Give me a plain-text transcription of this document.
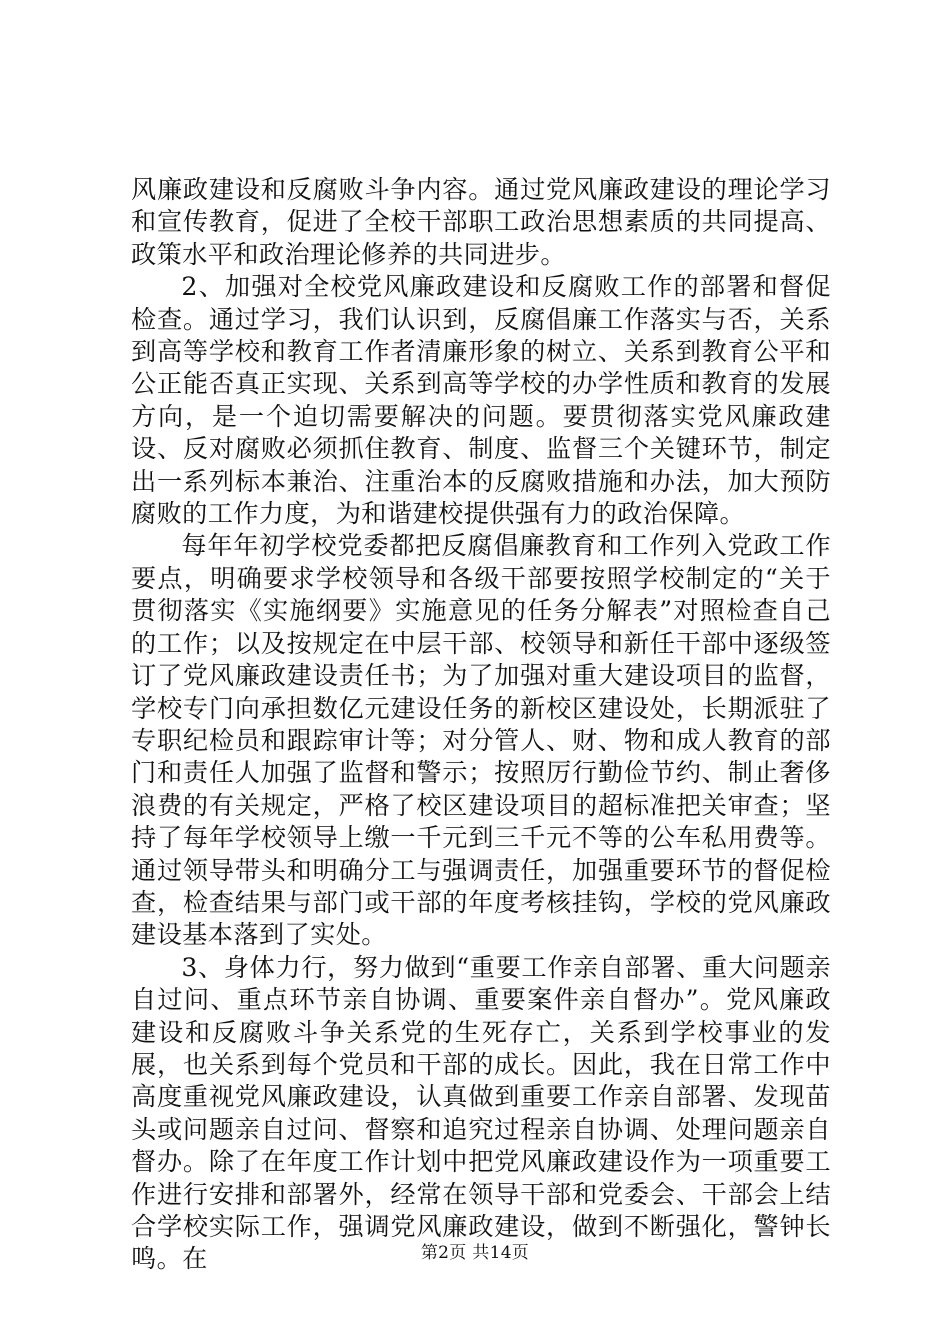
风廉政建设和反腐败斗争内容。通过党风廉政建设的理论学习和宣传教育，促进了全校干部职工政治思想素质的共同提高、政策水平和政治理论修养的共同进步。

2、加强对全校党风廉政建设和反腐败工作的部署和督促检查。通过学习，我们认识到，反腐倡廉工作落实与否，关系到高等学校和教育工作者清廉形象的树立、关系到教育公平和公正能否真正实现、关系到高等学校的办学性质和教育的发展方向，是一个迫切需要解决的问题。要贯彻落实党风廉政建设、反对腐败必须抓住教育、制度、监督三个关键环节，制定出一系列标本兼治、注重治本的反腐败措施和办法，加大预防腐败的工作力度，为和谐建校提供强有力的政治保障。

每年年初学校党委都把反腐倡廉教育和工作列入党政工作要点，明确要求学校领导和各级干部要按照学校制定的“关于贯彻落实《实施纲要》实施意见的任务分解表”对照检查自己的工作；以及按规定在中层干部、校领导和新任干部中逐级签订了党风廉政建设责任书；为了加强对重大建设项目的监督，学校专门向承担数亿元建设任务的新校区建设处，长期派驻了专职纪检员和跟踪审计等；对分管人、财、物和成人教育的部门和责任人加强了监督和警示；按照厉行勤俭节约、制止奢侈浪费的有关规定，严格了校区建设项目的超标准把关审查；坚持了每年学校领导上缴一千元到三千元不等的公车私用费等。通过领导带头和明确分工与强调责任，加强重要环节的督促检查，检查结果与部门或干部的年度考核挂钩，学校的党风廉政建设基本落到了实处。

3、身体力行，努力做到“重要工作亲自部署、重大问题亲自过问、重点环节亲自协调、重要案件亲自督办”。党风廉政建设和反腐败斗争关系党的生死存亡，关系到学校事业的发展，也关系到每个党员和干部的成长。因此，我在日常工作中高度重视党风廉政建设，认真做到重要工作亲自部署、发现苗头或问题亲自过问、督察和追究过程亲自协调、处理问题亲自督办。除了在年度工作计划中把党风廉政建设作为一项重要工作进行安排和部署外，经常在领导干部和党委会、干部会上结合学校实际工作，强调党风廉政建设，做到不断强化，警钟长鸣。在	第2页 共14页
